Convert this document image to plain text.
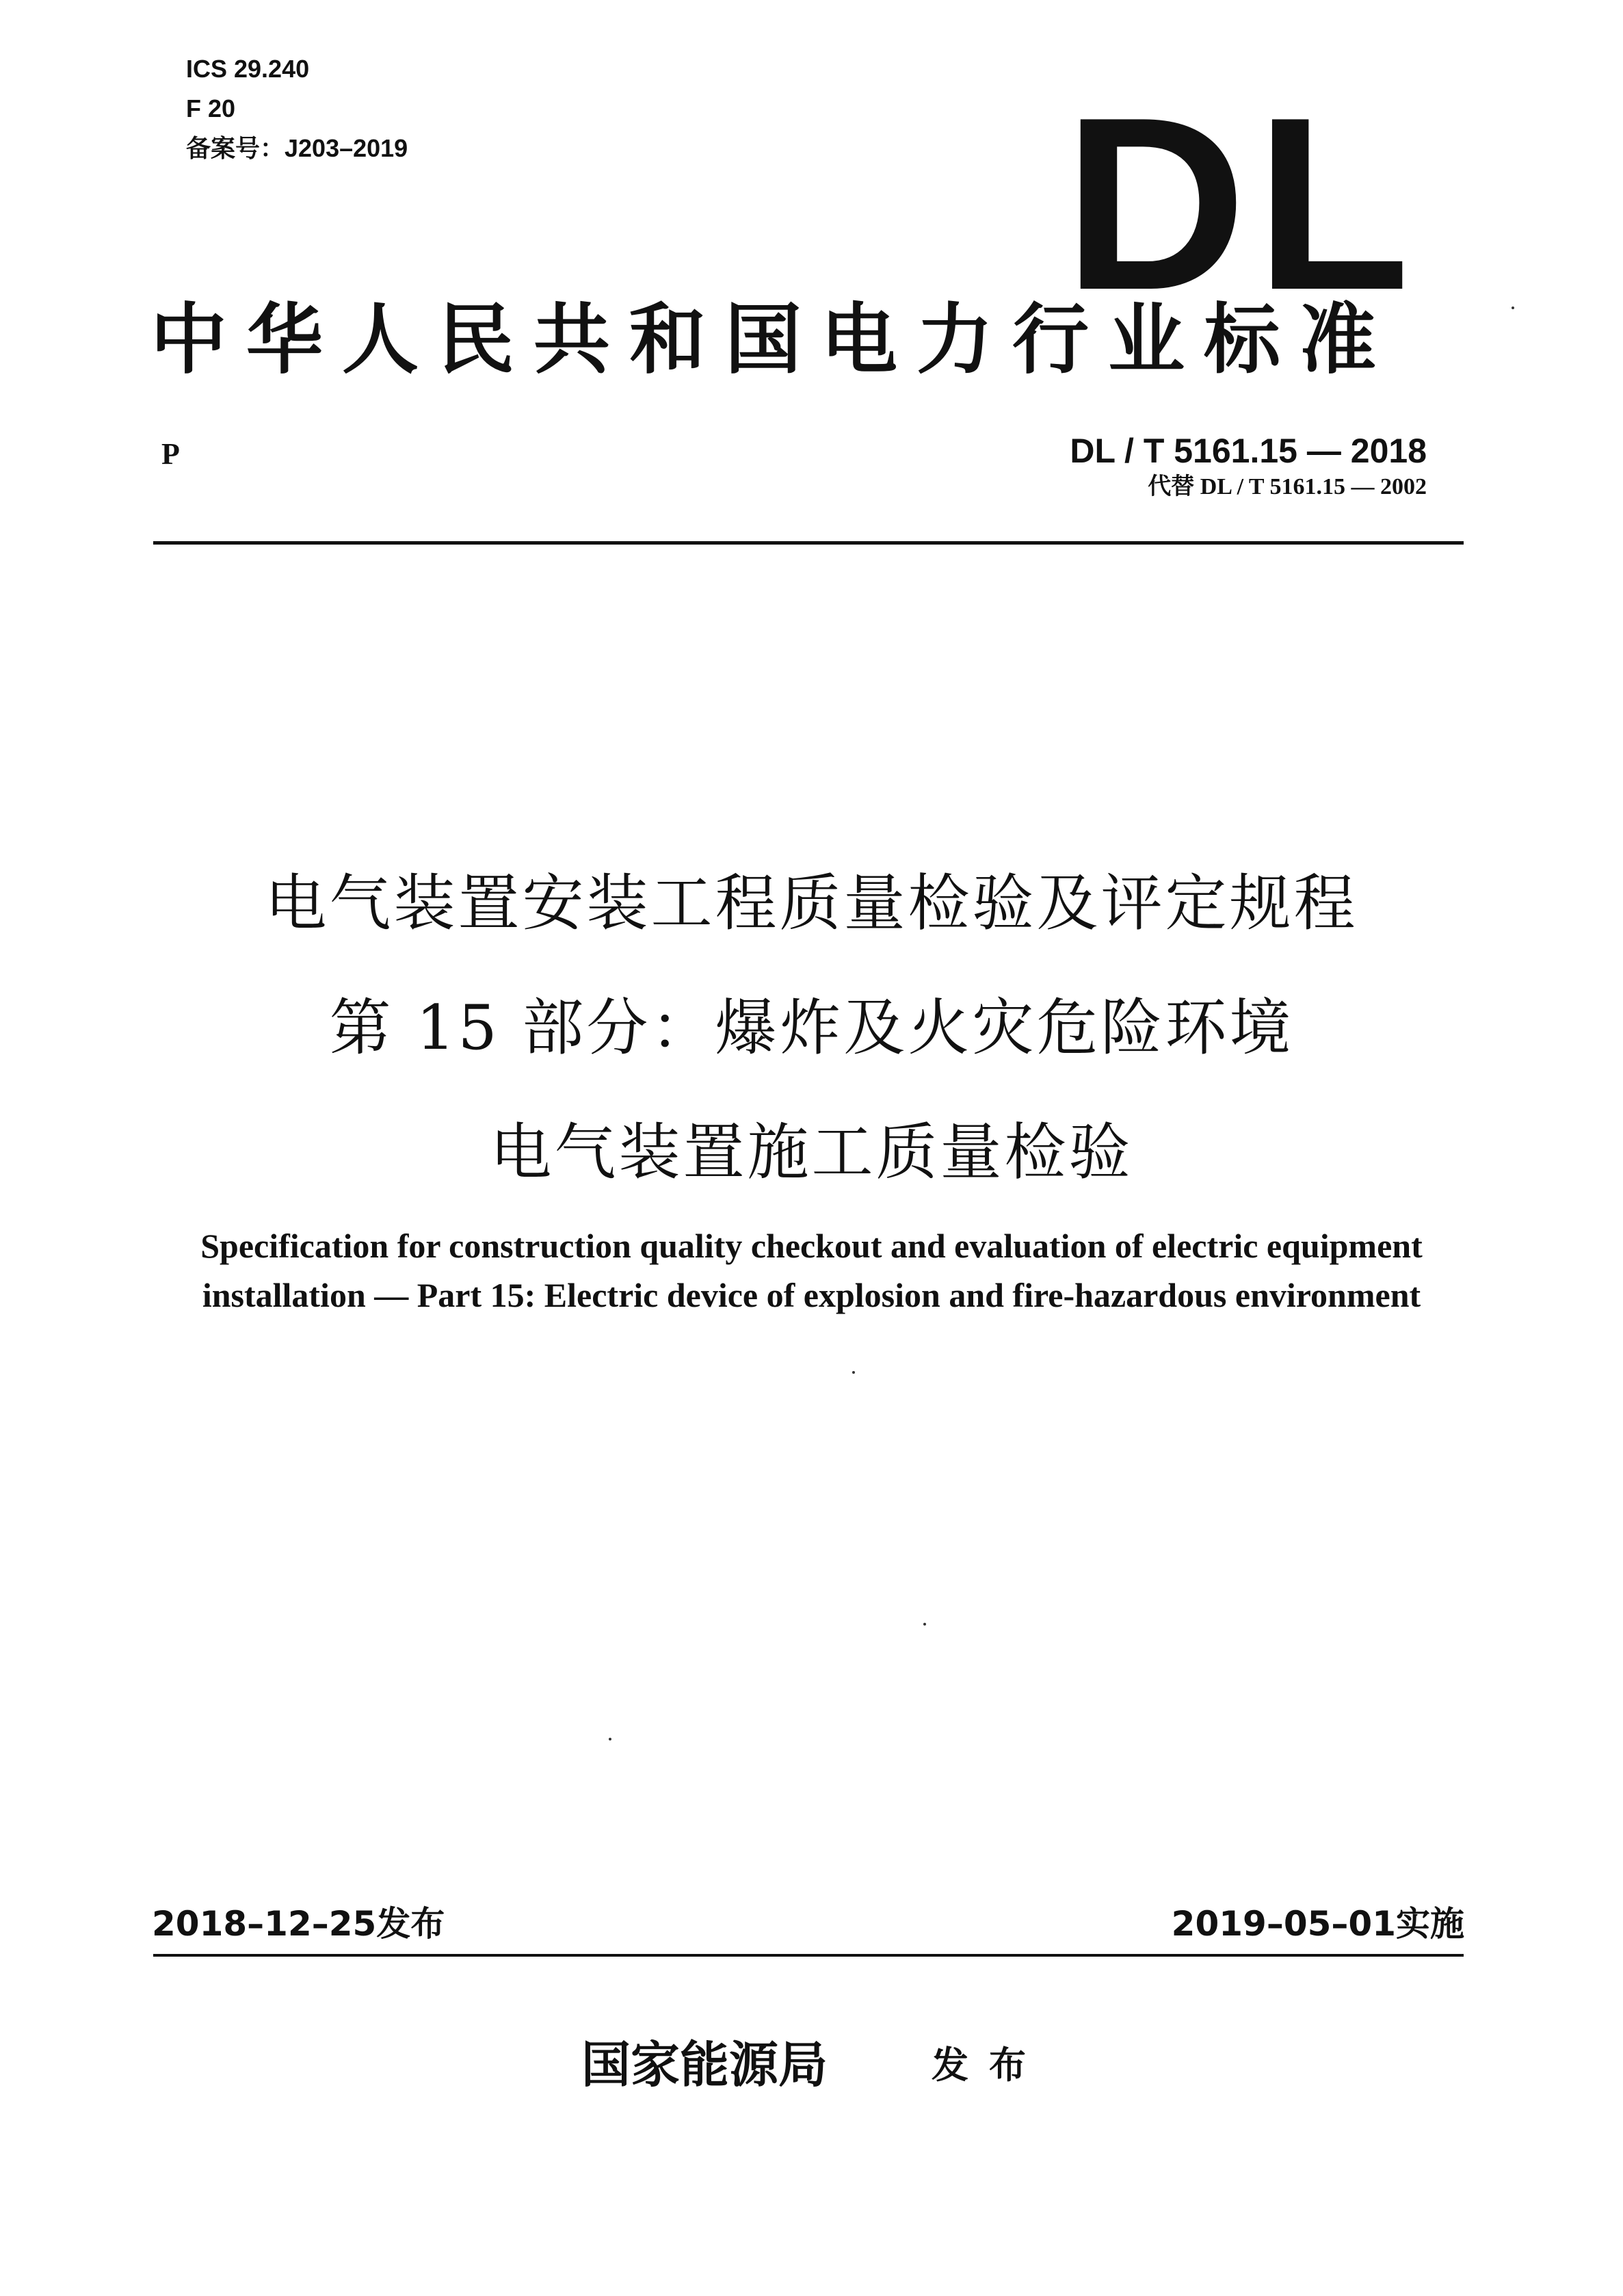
ICS 29.240
F 20
备案号：J203–2019	DL
中华人民共和国电力行业标准
P	DL / T 5161.15 — 2018
代替 DL / T 5161.15 — 2002
电气装置安装工程质量检验及评定规程
第 15 部分：爆炸及火灾危险环境
电气装置施工质量检验
Specification for construction quality checkout and evaluation of electric equipment
installation — Part 15: Electric device of explosion and fire-hazardous environment
2018–12–25发布	2019–05–01实施
国家能源局	发布
